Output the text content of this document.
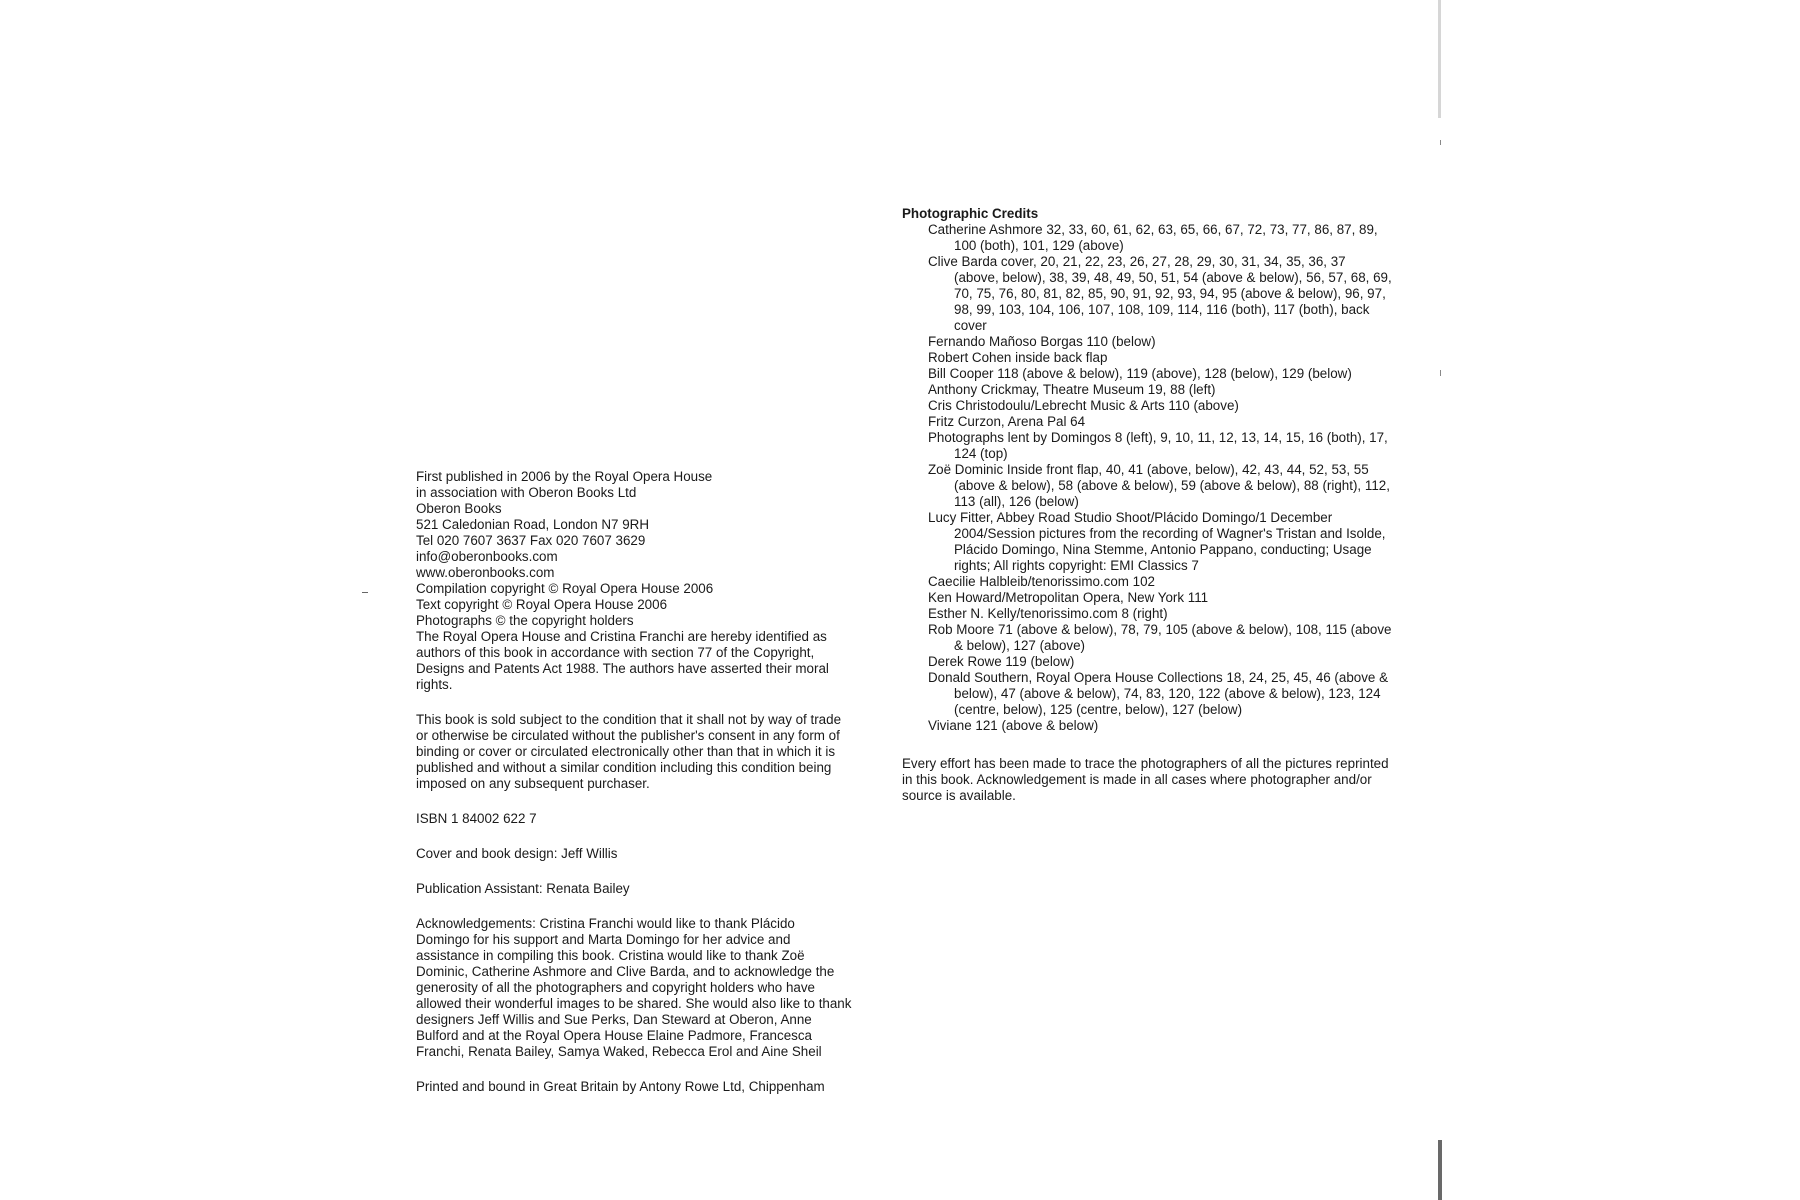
First published in 2006 by the Royal Opera House
in association with Oberon Books Ltd
Oberon Books
521 Caledonian Road, London N7 9RH
Tel 020 7607 3637 Fax 020 7607 3629
info@oberonbooks.com
www.oberonbooks.com
Compilation copyright © Royal Opera House 2006
Text copyright © Royal Opera House 2006
Photographs © the copyright holders
The Royal Opera House and Cristina Franchi are hereby identified as
authors of this book in accordance with section 77 of the Copyright,
Designs and Patents Act 1988. The authors have asserted their moral
rights.
This book is sold subject to the condition that it shall not by way of trade
or otherwise be circulated without the publisher's consent in any form of
binding or cover or circulated electronically other than that in which it is
published and without a similar condition including this condition being
imposed on any subsequent purchaser.
ISBN 1 84002 622 7
Cover and book design: Jeff Willis
Publication Assistant: Renata Bailey
Acknowledgements: Cristina Franchi would like to thank Plácido
Domingo for his support and Marta Domingo for her advice and
assistance in compiling this book. Cristina would like to thank Zoë
Dominic, Catherine Ashmore and Clive Barda, and to acknowledge the
generosity of all the photographers and copyright holders who have
allowed their wonderful images to be shared. She would also like to thank
designers Jeff Willis and Sue Perks, Dan Steward at Oberon, Anne
Bulford and at the Royal Opera House Elaine Padmore, Francesca
Franchi, Renata Bailey, Samya Waked, Rebecca Erol and Aine Sheil
Printed and bound in Great Britain by Antony Rowe Ltd, Chippenham
Photographic Credits

Catherine Ashmore 32, 33, 60, 61, 62, 63, 65, 66, 67, 72, 73, 77, 86, 87, 89, 100 (both), 101, 129 (above)

Clive Barda cover, 20, 21, 22, 23, 26, 27, 28, 29, 30, 31, 34, 35, 36, 37 (above, below), 38, 39, 48, 49, 50, 51, 54 (above & below), 56, 57, 68, 69, 70, 75, 76, 80, 81, 82, 85, 90, 91, 92, 93, 94, 95 (above & below), 96, 97, 98, 99, 103, 104, 106, 107, 108, 109, 114, 116 (both), 117 (both), back cover

Fernando Mañoso Borgas 110 (below)

Robert Cohen inside back flap

Bill Cooper 118 (above & below), 119 (above), 128 (below), 129 (below)

Anthony Crickmay, Theatre Museum 19, 88 (left)

Cris Christodoulu/Lebrecht Music & Arts 110 (above)

Fritz Curzon, Arena Pal 64

Photographs lent by Domingos 8 (left), 9, 10, 11, 12, 13, 14, 15, 16 (both), 17, 124 (top)

Zoë Dominic Inside front flap, 40, 41 (above, below), 42, 43, 44, 52, 53, 55 (above & below), 58 (above & below), 59 (above & below), 88 (right), 112, 113 (all), 126 (below)

Lucy Fitter, Abbey Road Studio Shoot/Plácido Domingo/1 December 2004/Session pictures from the recording of Wagner's Tristan and Isolde, Plácido Domingo, Nina Stemme, Antonio Pappano, conducting; Usage rights; All rights copyright: EMI Classics 7

Caecilie Halbleib/tenorissimo.com 102

Ken Howard/Metropolitan Opera, New York 111

Esther N. Kelly/tenorissimo.com 8 (right)

Rob Moore 71 (above & below), 78, 79, 105 (above & below), 108, 115 (above & below), 127 (above)

Derek Rowe 119 (below)

Donald Southern, Royal Opera House Collections 18, 24, 25, 45, 46 (above & below), 47 (above & below), 74, 83, 120, 122 (above & below), 123, 124 (centre, below), 125 (centre, below), 127 (below)

Viviane 121 (above & below)

Every effort has been made to trace the photographers of all the pictures reprinted in this book. Acknowledgement is made in all cases where photographer and/or source is available.
